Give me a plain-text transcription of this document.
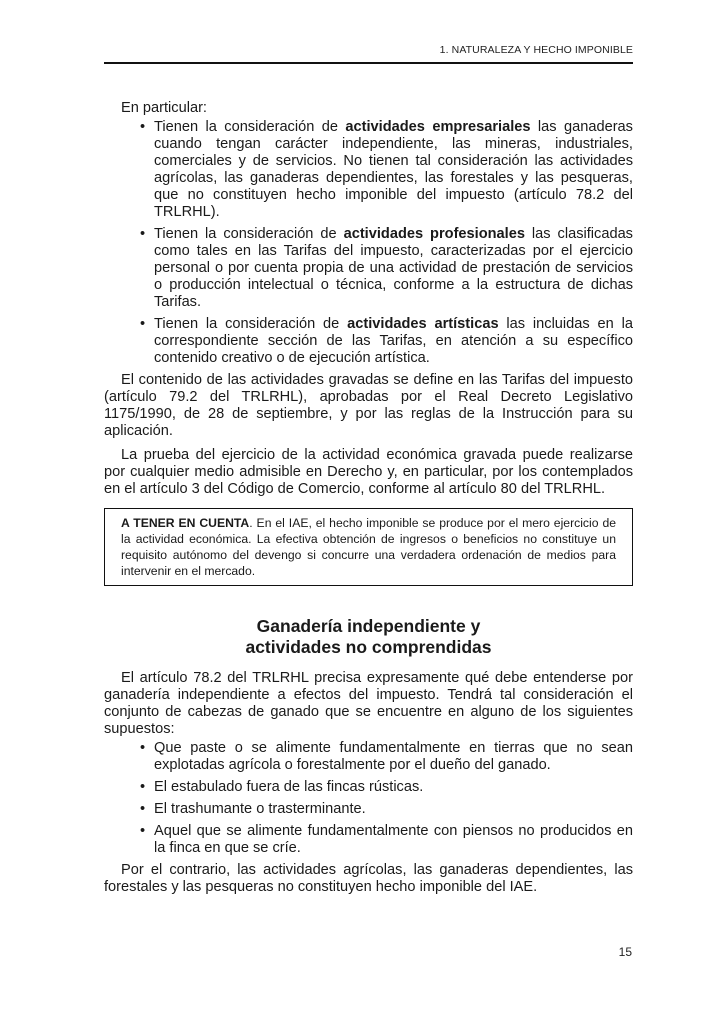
1. NATURALEZA Y HECHO IMPONIBLE

En particular:

• Tienen la consideración de actividades empresariales las ganaderas cuando tengan carácter independiente, las mineras, industriales, comerciales y de servicios. No tienen tal consideración las actividades agrícolas, las ganaderas dependientes, las forestales y las pesqueras, que no constituyen hecho imponible del impuesto (artículo 78.2 del TRLRHL).
• Tienen la consideración de actividades profesionales las clasificadas como tales en las Tarifas del impuesto, caracterizadas por el ejercicio personal o por cuenta propia de una actividad de prestación de servicios o producción intelectual o técnica, conforme a la estructura de dichas Tarifas.
• Tienen la consideración de actividades artísticas las incluidas en la correspondiente sección de las Tarifas, en atención a su específico contenido creativo o de ejecución artística.

El contenido de las actividades gravadas se define en las Tarifas del impuesto (artículo 79.2 del TRLRHL), aprobadas por el Real Decreto Legislativo 1175/1990, de 28 de septiembre, y por las reglas de la Instrucción para su aplicación.

La prueba del ejercicio de la actividad económica gravada puede realizarse por cualquier medio admisible en Derecho y, en particular, por los contemplados en el artículo 3 del Código de Comercio, conforme al artículo 80 del TRLRHL.

A TENER EN CUENTA. En el IAE, el hecho imponible se produce por el mero ejercicio de la actividad económica. La efectiva obtención de ingresos o beneficios no constituye un requisito autónomo del devengo si concurre una verdadera ordenación de medios para intervenir en el mercado.
Ganadería independiente y
actividades no comprendidas

El artículo 78.2 del TRLRHL precisa expresamente qué debe entenderse por ganadería independiente a efectos del impuesto. Tendrá tal consideración el conjunto de cabezas de ganado que se encuentre en alguno de los siguientes supuestos:

• Que paste o se alimente fundamentalmente en tierras que no sean explotadas agrícola o forestalmente por el dueño del ganado.
• El estabulado fuera de las fincas rústicas.
• El trashumante o trasterminante.
• Aquel que se alimente fundamentalmente con piensos no producidos en la finca en que se críe.

Por el contrario, las actividades agrícolas, las ganaderas dependientes, las forestales y las pesqueras no constituyen hecho imponible del IAE.

15
